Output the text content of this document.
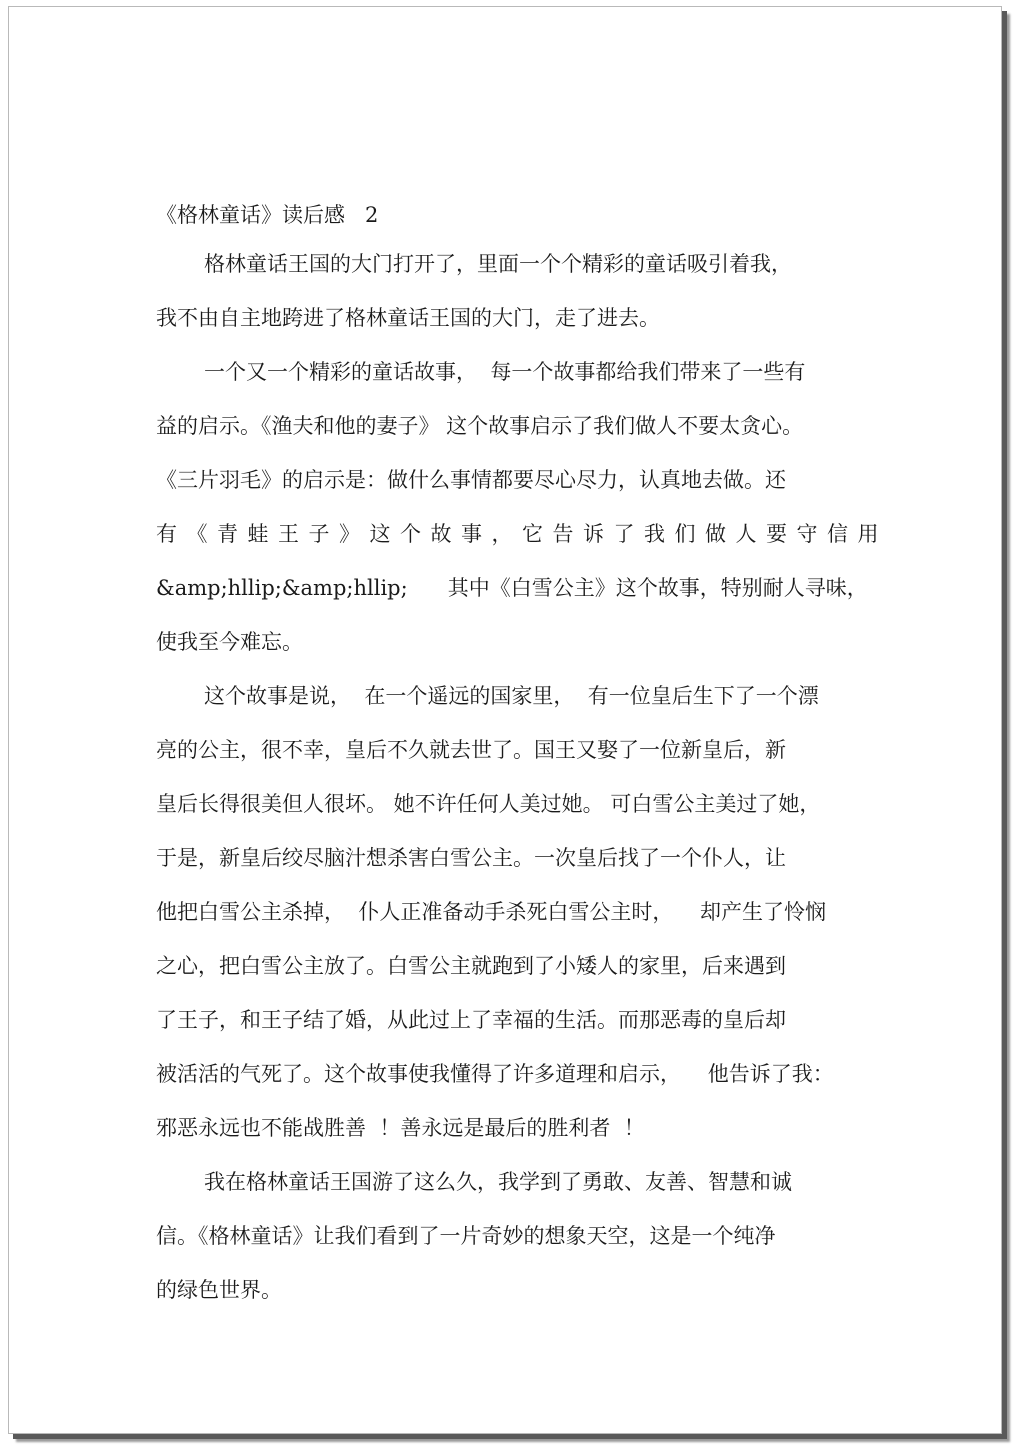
《格林童话》读后感   2
格林童话王国的大门打开了，里面一个个精彩的童话吸引着我，
我不由自主地跨进了格林童话王国的大门，走了进去。
一个又一个精彩的童话故事，  每一个故事都给我们带来了一些有
益的启示。《渔夫和他的妻子》 这个故事启示了我们做人不要太贪心。
《三片羽毛》的启示是：做什么事情都要尽心尽力，认真地去做。还
有《青蛙王子》这个故事，它告诉了我们做人要守信用
&amp;hllip;&amp;hllip;      其中《白雪公主》这个故事，特别耐人寻味，
使我至今难忘。
这个故事是说，  在一个遥远的国家里，  有一位皇后生下了一个漂
亮的公主，很不幸，皇后不久就去世了。国王又娶了一位新皇后，新
皇后长得很美但人很坏。 她不许任何人美过她。 可白雪公主美过了她，
于是，新皇后绞尽脑汁想杀害白雪公主。一次皇后找了一个仆人，让
他把白雪公主杀掉，  仆人正准备动手杀死白雪公主时，    却产生了怜悯
之心，把白雪公主放了。白雪公主就跑到了小矮人的家里，后来遇到
了王子，和王子结了婚，从此过上了幸福的生活。而那恶毒的皇后却
被活活的气死了。这个故事使我懂得了许多道理和启示，    他告诉了我：
邪恶永远也不能战胜善  ！善永远是最后的胜利者  ！
我在格林童话王国游了这么久，我学到了勇敢、友善、智慧和诚
信。《格林童话》让我们看到了一片奇妙的想象天空，这是一个纯净
的绿色世界。
